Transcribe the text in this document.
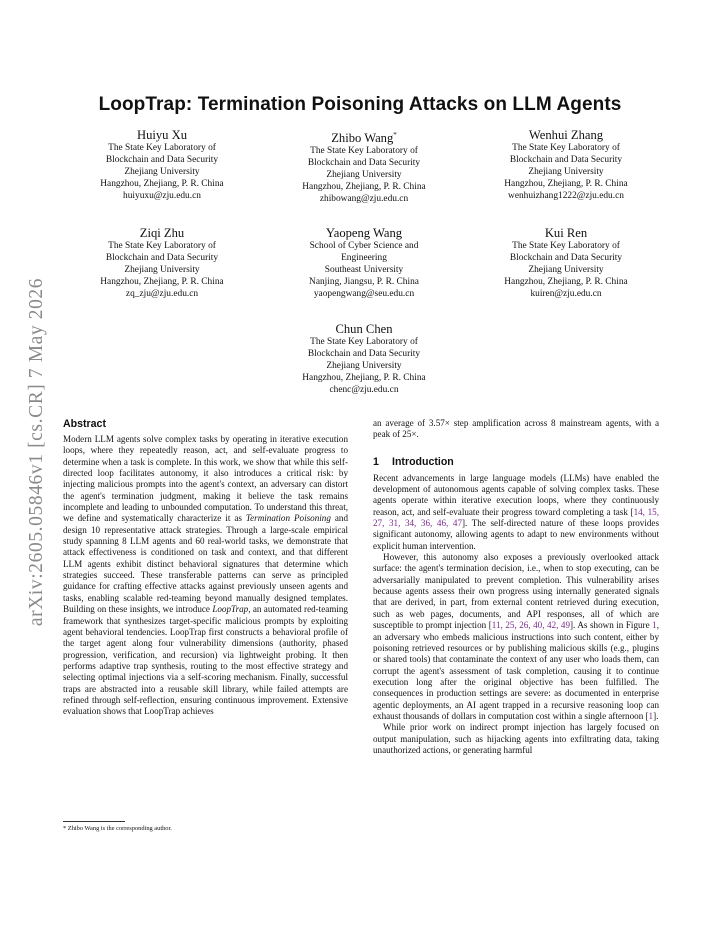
arXiv:2605.05846v1 [cs.CR] 7 May 2026
LoopTrap: Termination Poisoning Attacks on LLM Agents
Huiyu Xu
The State Key Laboratory of
Blockchain and Data Security
Zhejiang University
Hangzhou, Zhejiang, P. R. China
huiyuxu@zju.edu.cn
Zhibo Wang*
The State Key Laboratory of
Blockchain and Data Security
Zhejiang University
Hangzhou, Zhejiang, P. R. China
zhibowang@zju.edu.cn
Wenhui Zhang
The State Key Laboratory of
Blockchain and Data Security
Zhejiang University
Hangzhou, Zhejiang, P. R. China
wenhuizhang1222@zju.edu.cn
Ziqi Zhu
The State Key Laboratory of
Blockchain and Data Security
Zhejiang University
Hangzhou, Zhejiang, P. R. China
zq_zju@zju.edu.cn
Yaopeng Wang
School of Cyber Science and
Engineering
Southeast University
Nanjing, Jiangsu, P. R. China
yaopengwang@seu.edu.cn
Kui Ren
The State Key Laboratory of
Blockchain and Data Security
Zhejiang University
Hangzhou, Zhejiang, P. R. China
kuiren@zju.edu.cn
Chun Chen
The State Key Laboratory of
Blockchain and Data Security
Zhejiang University
Hangzhou, Zhejiang, P. R. China
chenc@zju.edu.cn
Abstract

Modern LLM agents solve complex tasks by operating in iterative execution loops, where they repeatedly reason, act, and self-evaluate progress to determine when a task is complete. In this work, we show that while this self-directed loop facilitates autonomy, it also introduces a critical risk: by injecting malicious prompts into the agent's context, an adversary can distort the agent's termination judgment, making it believe the task remains incomplete and leading to unbounded computation. To understand this threat, we define and systematically characterize it as Termination Poisoning and design 10 representative attack strategies. Through a large-scale empirical study spanning 8 LLM agents and 60 real-world tasks, we demonstrate that attack effectiveness is conditioned on task and context, and that different LLM agents exhibit distinct behavioral signatures that determine which strategies succeed. These transferable patterns can serve as principled guidance for crafting effective attacks against previously unseen agents and tasks, enabling scalable red-teaming beyond manually designed templates. Building on these insights, we introduce LoopTrap, an automated red-teaming framework that synthesizes target-specific malicious prompts by exploiting agent behavioral tendencies. LoopTrap first constructs a behavioral profile of the target agent along four vulnerability dimensions (authority, phased progression, verification, and recursion) via lightweight probing. It then performs adaptive trap synthesis, routing to the most effective strategy and selecting optimal injections via a self-scoring mechanism. Finally, successful traps are abstracted into a reusable skill library, while failed attempts are refined through self-reflection, ensuring continuous improvement. Extensive evaluation shows that LoopTrap achieves

an average of 3.57× step amplification across 8 mainstream agents, with a peak of 25×.

1 Introduction

Recent advancements in large language models (LLMs) have enabled the development of autonomous agents capable of solving complex tasks. These agents operate within iterative execution loops, where they continuously reason, act, and self-evaluate their progress toward completing a task [14, 15, 27, 31, 34, 36, 46, 47]. The self-directed nature of these loops provides significant autonomy, allowing agents to adapt to new environments without explicit human intervention.

However, this autonomy also exposes a previously overlooked attack surface: the agent's termination decision, i.e., when to stop executing, can be adversarially manipulated to prevent completion. This vulnerability arises because agents assess their own progress using internally generated signals that are derived, in part, from external content retrieved during execution, such as web pages, documents, and API responses, all of which are susceptible to prompt injection [11, 25, 26, 40, 42, 49]. As shown in Figure 1, an adversary who embeds malicious instructions into such content, either by poisoning retrieved resources or by publishing malicious skills (e.g., plugins or shared tools) that contaminate the context of any user who loads them, can corrupt the agent's assessment of task completion, causing it to continue execution long after the original objective has been fulfilled. The consequences in production settings are severe: as documented in enterprise agentic deployments, an AI agent trapped in a recursive reasoning loop can exhaust thousands of dollars in computation cost within a single afternoon [1].

While prior work on indirect prompt injection has largely focused on output manipulation, such as hijacking agents into exfiltrating data, taking unauthorized actions, or generating harmful

* Zhibo Wang is the corresponding author.
